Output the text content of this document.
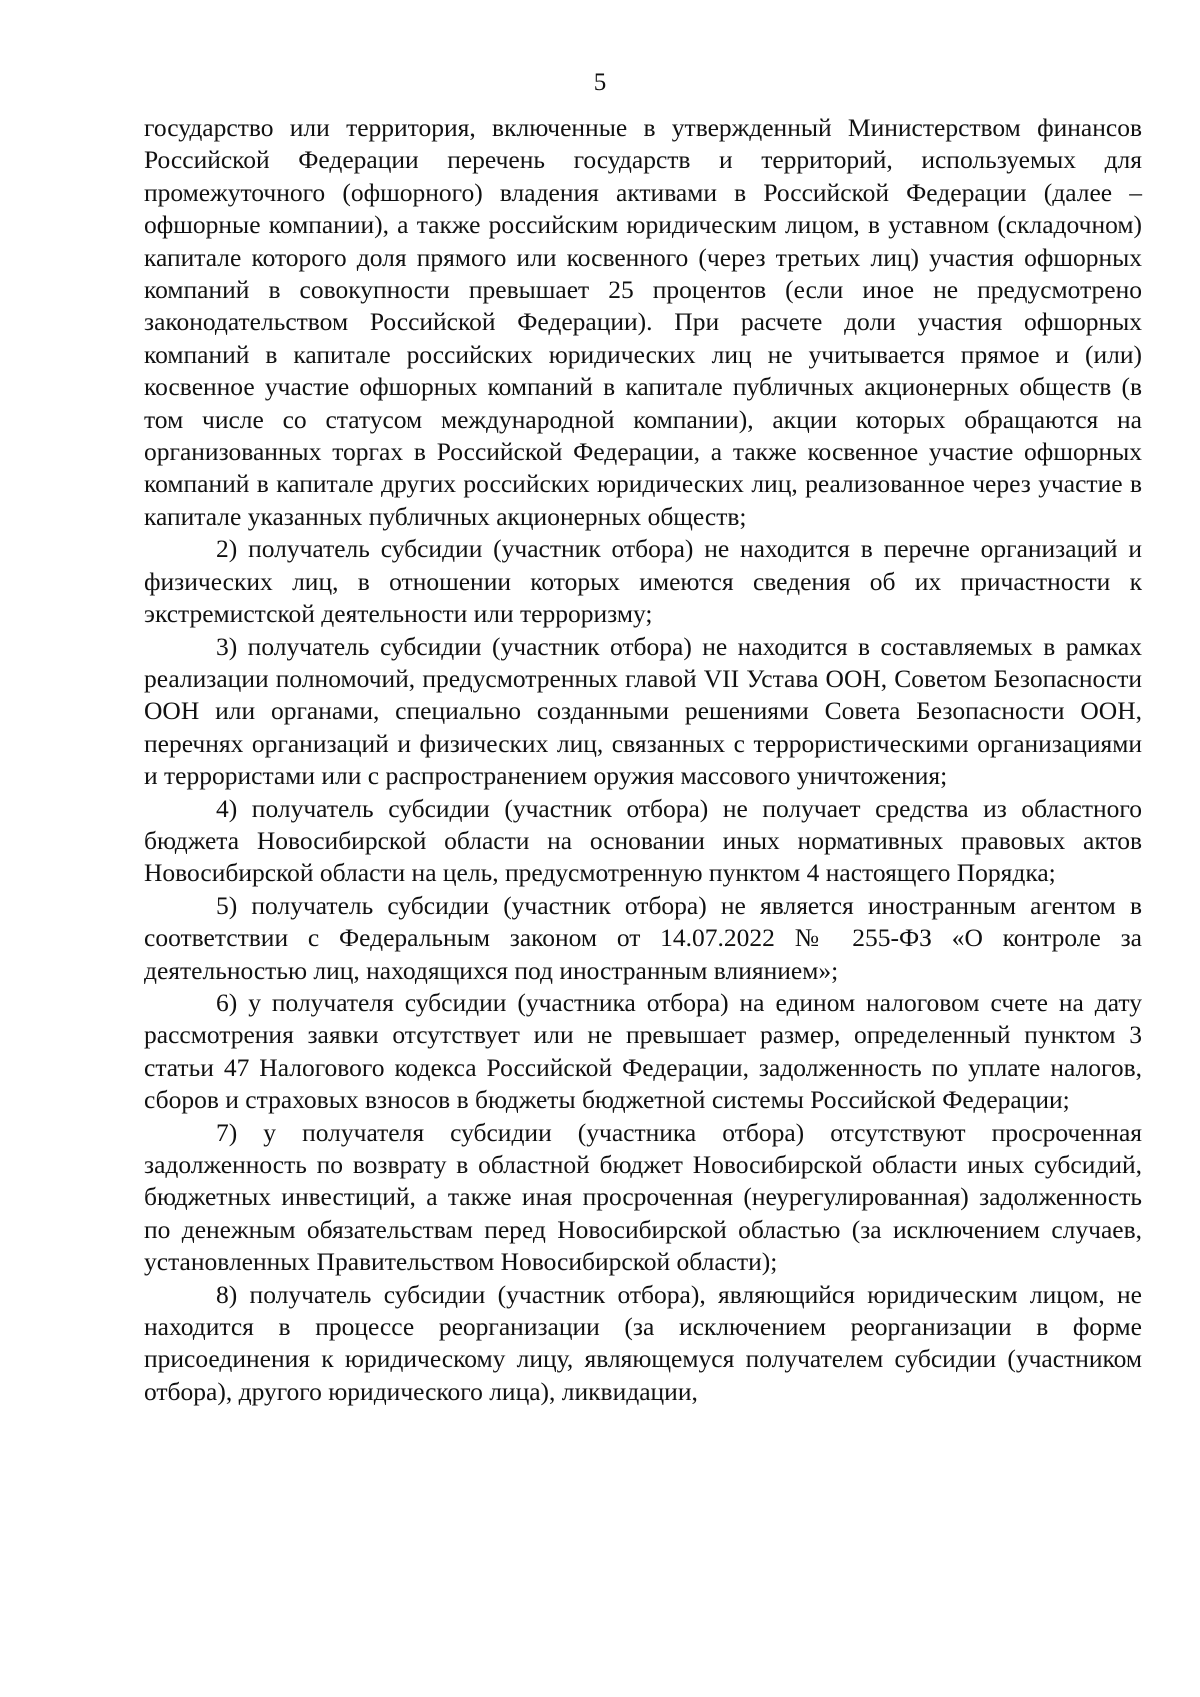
5

государство или территория, включенные в утвержденный Министерством финансов Российской Федерации перечень государств и территорий, используемых для промежуточного (офшорного) владения активами в Российской Федерации (далее – офшорные компании), а также российским юридическим лицом, в уставном (складочном) капитале которого доля прямого или косвенного (через третьих лиц) участия офшорных компаний в совокупности превышает 25 процентов (если иное не предусмотрено законодательством Российской Федерации). При расчете доли участия офшорных компаний в капитале российских юридических лиц не учитывается прямое и (или) косвенное участие офшорных компаний в капитале публичных акционерных обществ (в том числе со статусом международной компании), акции которых обращаются на организованных торгах в Российской Федерации, а также косвенное участие офшорных компаний в капитале других российских юридических лиц, реализованное через участие в капитале указанных публичных акционерных обществ;

2) получатель субсидии (участник отбора) не находится в перечне организаций и физических лиц, в отношении которых имеются сведения об их причастности к экстремистской деятельности или терроризму;

3) получатель субсидии (участник отбора) не находится в составляемых в рамках реализации полномочий, предусмотренных главой VII Устава ООН, Советом Безопасности ООН или органами, специально созданными решениями Совета Безопасности ООН, перечнях организаций и физических лиц, связанных с террористическими организациями и террористами или с распространением оружия массового уничтожения;

4) получатель субсидии (участник отбора) не получает средства из областного бюджета Новосибирской области на основании иных нормативных правовых актов Новосибирской области на цель, предусмотренную пунктом 4 настоящего Порядка;

5) получатель субсидии (участник отбора) не является иностранным агентом в соответствии с Федеральным законом от 14.07.2022 № 255-ФЗ «О контроле за деятельностью лиц, находящихся под иностранным влиянием»;

6) у получателя субсидии (участника отбора) на едином налоговом счете на дату рассмотрения заявки отсутствует или не превышает размер, определенный пунктом 3 статьи 47 Налогового кодекса Российской Федерации, задолженность по уплате налогов, сборов и страховых взносов в бюджеты бюджетной системы Российской Федерации;

7) у получателя субсидии (участника отбора) отсутствуют просроченная задолженность по возврату в областной бюджет Новосибирской области иных субсидий, бюджетных инвестиций, а также иная просроченная (неурегулированная) задолженность по денежным обязательствам перед Новосибирской областью (за исключением случаев, установленных Правительством Новосибирской области);

8) получатель субсидии (участник отбора), являющийся юридическим лицом, не находится в процессе реорганизации (за исключением реорганизации в форме присоединения к юридическому лицу, являющемуся получателем субсидии (участником отбора), другого юридического лица), ликвидации,
